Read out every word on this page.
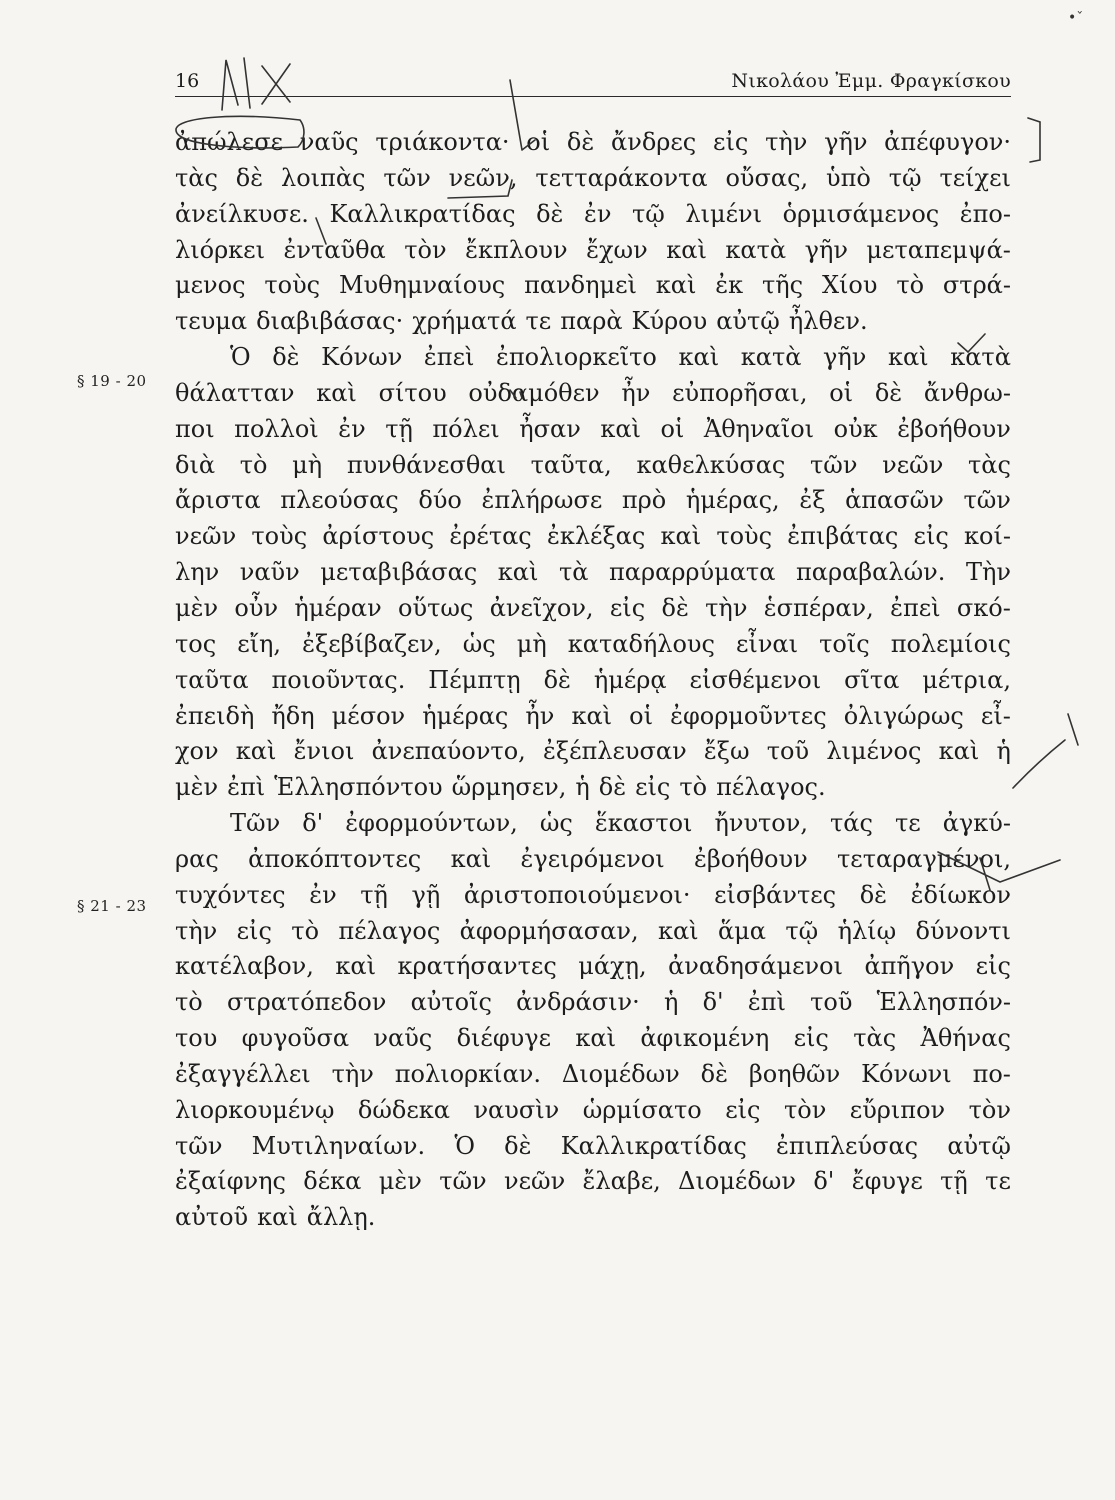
•ˇ
16	Νικολάου Ἐμμ. Φραγκίσκου
§ 19 - 20
§ 21 - 23
ἀπώλεσε ναῦς τριάκοντα· οἱ δὲ ἄνδρες εἰς τὴν γῆν ἀπέφυγον·
τὰς δὲ λοιπὰς τῶν νεῶν, τετταράκοντα οὔσας, ὑπὸ τῷ τείχει
ἀνείλκυσε. Καλλικρατίδας δὲ ἐν τῷ λιμένι ὁρμισάμενος ἐπο-
λιόρκει ἐνταῦθα τὸν ἔκπλουν ἔχων καὶ κατὰ γῆν μεταπεμψά-
μενος τοὺς Μυθημναίους πανδημεὶ καὶ ἐκ τῆς Χίου τὸ στρά-
τευμα διαβιβάσας· χρήματά τε παρὰ Κύρου αὐτῷ ἦλθεν.
Ὁ δὲ Κόνων ἐπεὶ ἐπολιορκεῖτο καὶ κατὰ γῆν καὶ κατὰ
θάλατταν καὶ σίτου οὐδαμόθεν ἦν εὐπορῆσαι, οἱ δὲ ἄνθρω-
ποι πολλοὶ ἐν τῇ πόλει ἦσαν καὶ οἱ Ἀθηναῖοι οὐκ ἐβοήθουν
διὰ τὸ μὴ πυνθάνεσθαι ταῦτα, καθελκύσας τῶν νεῶν τὰς
ἄριστα πλεούσας δύο ἐπλήρωσε πρὸ ἡμέρας, ἐξ ἁπασῶν τῶν
νεῶν τοὺς ἀρίστους ἐρέτας ἐκλέξας καὶ τοὺς ἐπιβάτας εἰς κοί-
λην ναῦν μεταβιβάσας καὶ τὰ παραρρύματα παραβαλών. Τὴν
μὲν οὖν ἡμέραν οὕτως ἀνεῖχον, εἰς δὲ τὴν ἑσπέραν, ἐπεὶ σκό-
τος εἴη, ἐξεβίβαζεν, ὡς μὴ καταδήλους εἶναι τοῖς πολεμίοις
ταῦτα ποιοῦντας. Πέμπτῃ δὲ ἡμέρᾳ εἰσθέμενοι σῖτα μέτρια,
ἐπειδὴ ἤδη μέσον ἡμέρας ἦν καὶ οἱ ἐφορμοῦντες ὀλιγώρως εἶ-
χον καὶ ἔνιοι ἀνεπαύοντο, ἐξέπλευσαν ἔξω τοῦ λιμένος καὶ ἡ
μὲν ἐπὶ Ἑλλησπόντου ὥρμησεν, ἡ δὲ εἰς τὸ πέλαγος.
Τῶν δ' ἐφορμούντων, ὡς ἕκαστοι ἤνυτον, τάς τε ἀγκύ-
ρας ἀποκόπτοντες καὶ ἐγειρόμενοι ἐβοήθουν τεταραγμένοι,
τυχόντες ἐν τῇ γῇ ἀριστοποιούμενοι· εἰσβάντες δὲ ἐδίωκον
τὴν εἰς τὸ πέλαγος ἀφορμήσασαν, καὶ ἅμα τῷ ἡλίῳ δύνοντι
κατέλαβον, καὶ κρατήσαντες μάχῃ, ἀναδησάμενοι ἀπῆγον εἰς
τὸ στρατόπεδον αὐτοῖς ἀνδράσιν· ἡ δ' ἐπὶ τοῦ Ἑλλησπόν-
του φυγοῦσα ναῦς διέφυγε καὶ ἀφικομένη εἰς τὰς Ἀθήνας
ἐξαγγέλλει τὴν πολιορκίαν. Διομέδων δὲ βοηθῶν Κόνωνι πο-
λιορκουμένῳ δώδεκα ναυσὶν ὡρμίσατο εἰς τὸν εὔριπον τὸν
τῶν Μυτιληναίων. Ὁ δὲ Καλλικρατίδας ἐπιπλεύσας αὐτῷ
ἐξαίφνης δέκα μὲν τῶν νεῶν ἔλαβε, Διομέδων δ' ἔφυγε τῇ τε
αὐτοῦ καὶ ἄλλῃ.
